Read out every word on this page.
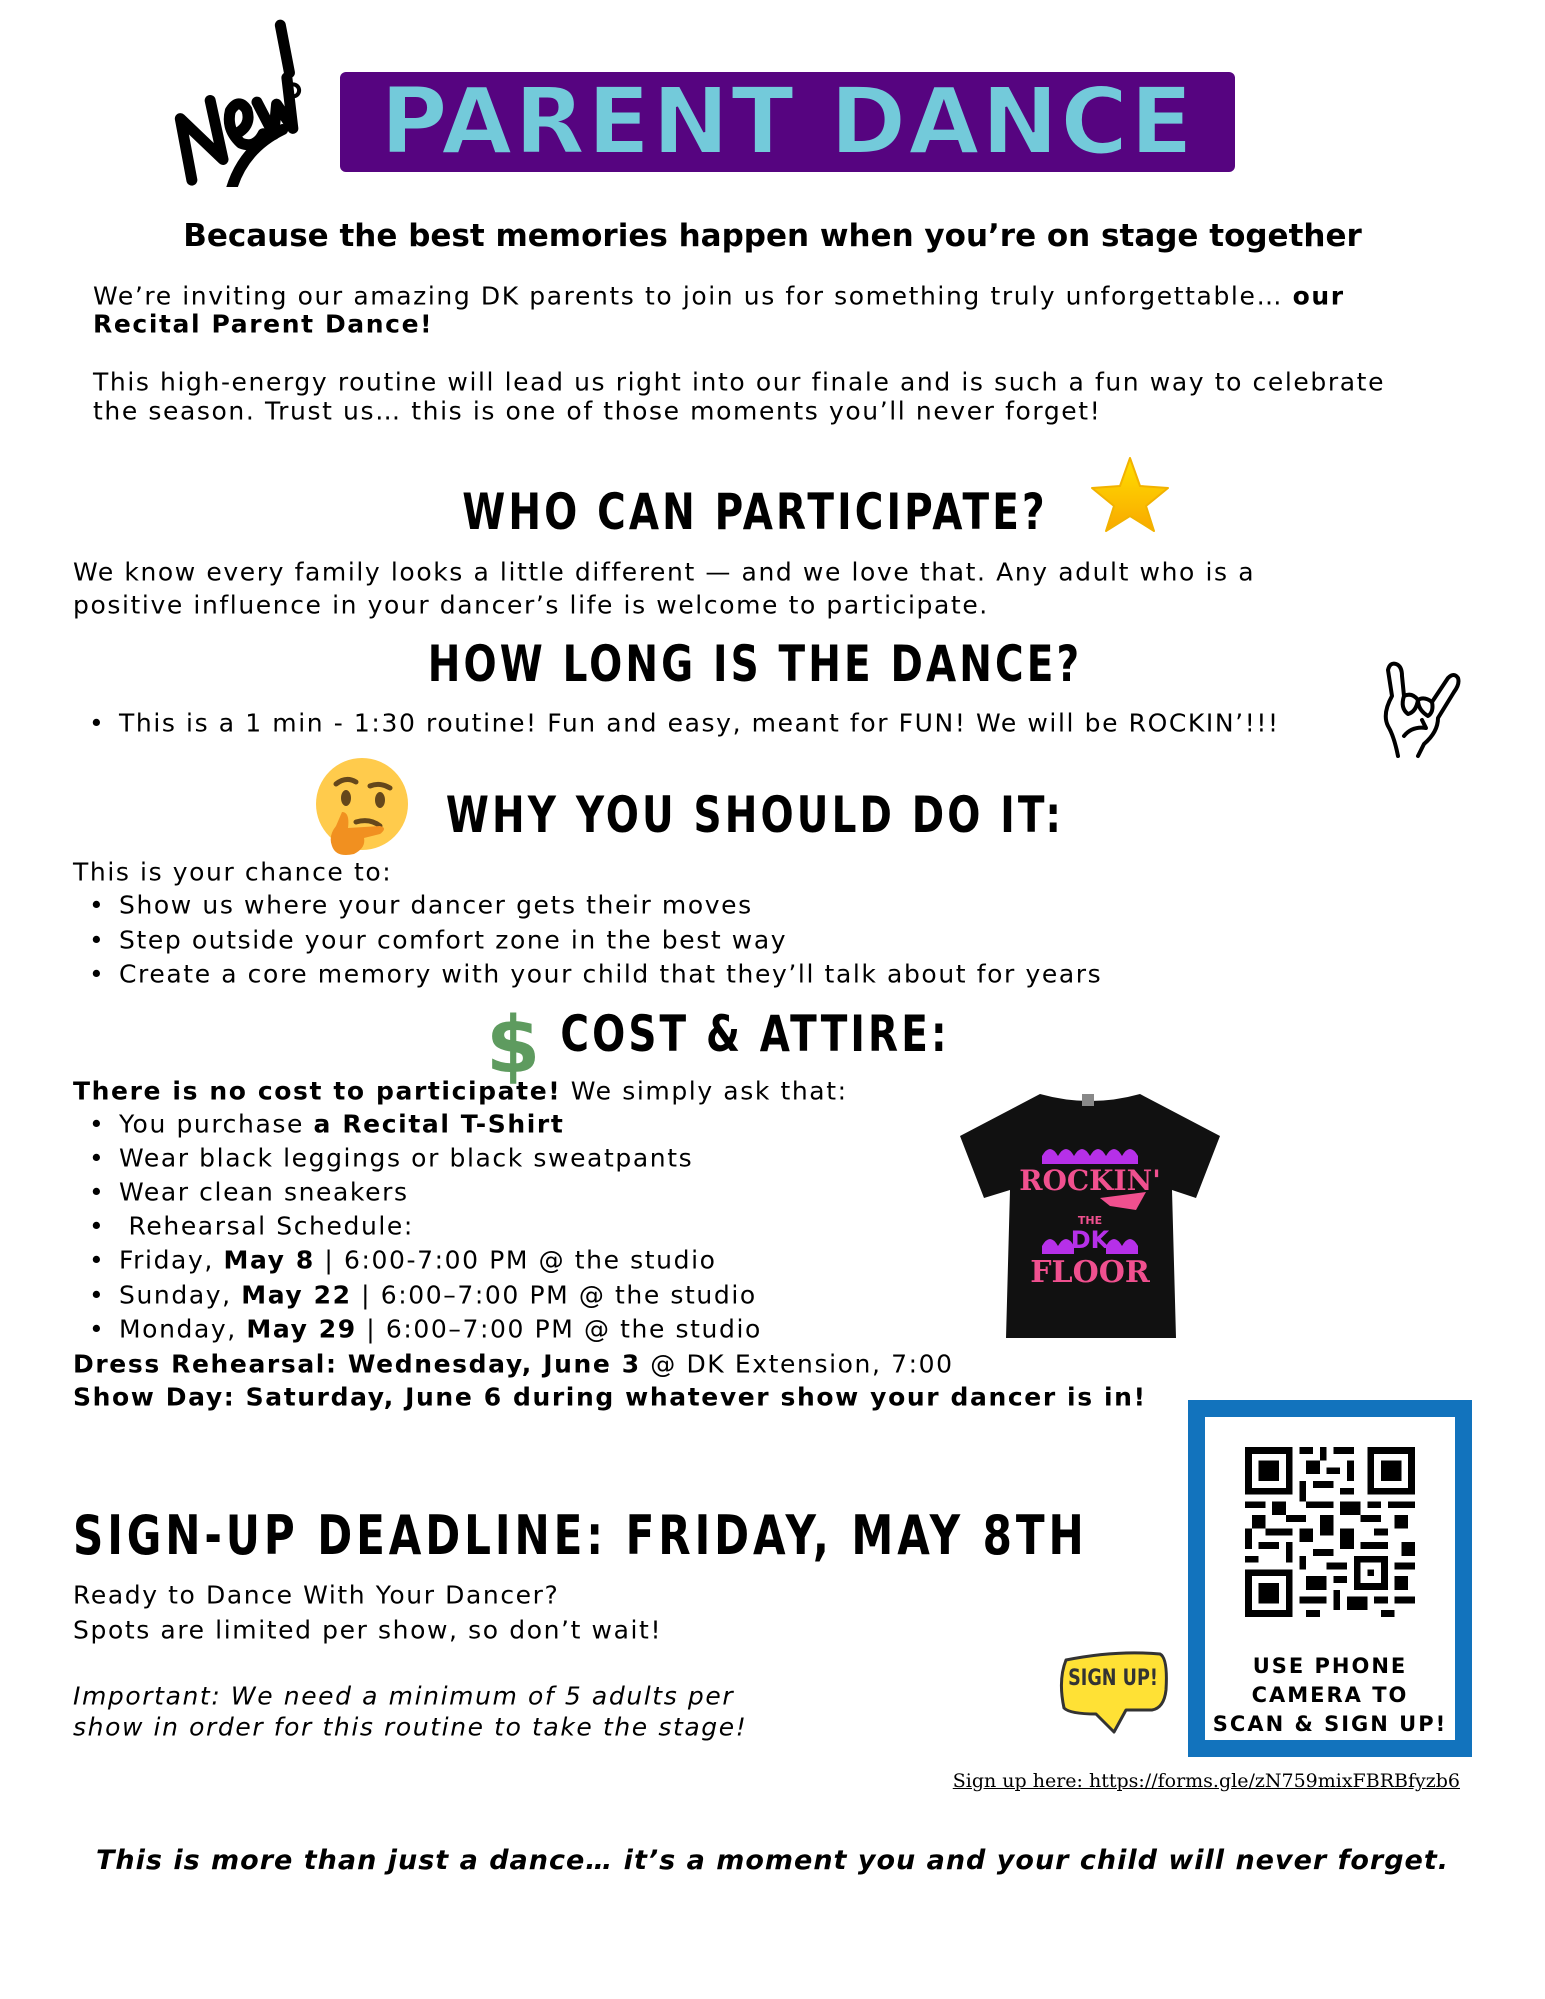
PARENT DANCE
Because the best memories happen when you’re on stage together
We’re inviting our amazing DK parents to join us for something truly unforgettable… our
Recital Parent Dance!
This high-energy routine will lead us right into our finale and is such a fun way to celebrate
the season. Trust us… this is one of those moments you’ll never forget!
WHO CAN PARTICIPATE?
We know every family looks a little different — and we love that. Any adult who is a
positive influence in your dancer’s life is welcome to participate.
HOW LONG IS THE DANCE?
• This is a 1 min - 1:30 routine! Fun and easy, meant for FUN! We will be ROCKIN’!!!
WHY YOU SHOULD DO IT:
This is your chance to:
• Show us where your dancer gets their moves
• Step outside your comfort zone in the best way
• Create a core memory with your child that they’ll talk about for years
$ COST & ATTIRE:
There is no cost to participate! We simply ask that:
• You purchase a Recital T-Shirt
• Wear black leggings or black sweatpants
• Wear clean sneakers
•  Rehearsal Schedule:
• Friday, May 8 | 6:00-7:00 PM @ the studio
• Sunday, May 22 | 6:00–7:00 PM @ the studio
• Monday, May 29 | 6:00–7:00 PM @ the studio
Dress Rehearsal: Wednesday, June 3 @ DK Extension, 7:00
Show Day: Saturday, June 6 during whatever show your dancer is in!
ROCKIN'
THE
DK
FLOOR
SIGN-UP DEADLINE: FRIDAY, MAY 8TH
Ready to Dance With Your Dancer?
Spots are limited per show, so don’t wait!
Important: We need a minimum of 5 adults per
show in order for this routine to take the stage!
SIGN UP!	USE PHONE
CAMERA TO
SCAN & SIGN UP!
Sign up here: https://forms.gle/zN759mixFBRBfyzb6
This is more than just a dance… it’s a moment you and your child will never forget.
